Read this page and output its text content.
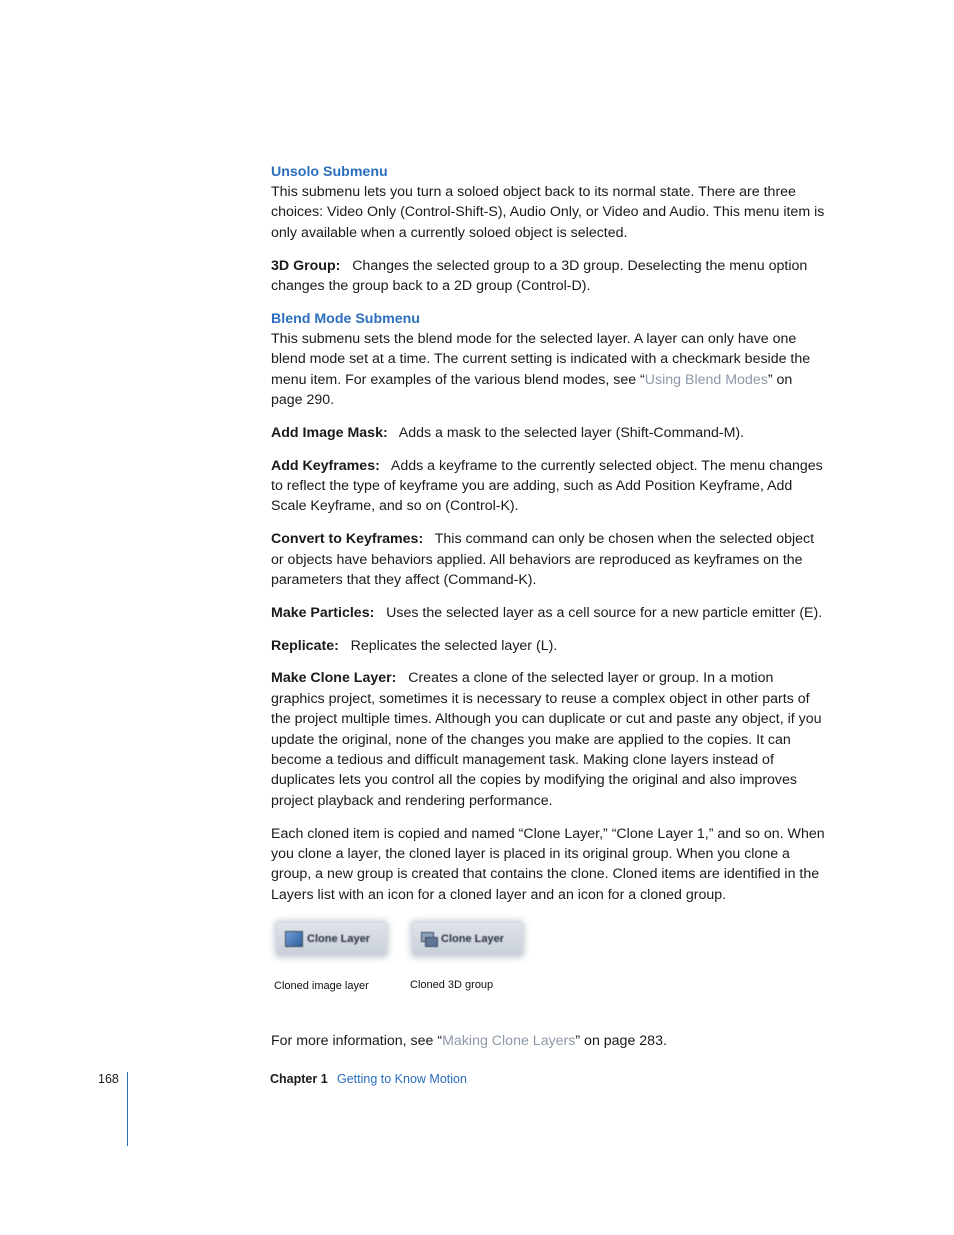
Unsolo Submenu

This submenu lets you turn a soloed object back to its normal state. There are three choices: Video Only (Control-Shift-S), Audio Only, or Video and Audio. This menu item is only available when a currently soloed object is selected.

3D Group: Changes the selected group to a 3D group. Deselecting the menu option changes the group back to a 2D group (Control-D).

Blend Mode Submenu

This submenu sets the blend mode for the selected layer. A layer can only have one blend mode set at a time. The current setting is indicated with a checkmark beside the menu item. For examples of the various blend modes, see “Using Blend Modes” on page 290.

Add Image Mask: Adds a mask to the selected layer (Shift-Command-M).

Add Keyframes: Adds a keyframe to the currently selected object. The menu changes to reflect the type of keyframe you are adding, such as Add Position Keyframe, Add Scale Keyframe, and so on (Control-K).

Convert to Keyframes: This command can only be chosen when the selected object or objects have behaviors applied. All behaviors are reproduced as keyframes on the parameters that they affect (Command-K).

Make Particles: Uses the selected layer as a cell source for a new particle emitter (E).

Replicate: Replicates the selected layer (L).

Make Clone Layer: Creates a clone of the selected layer or group. In a motion graphics project, sometimes it is necessary to reuse a complex object in other parts of the project multiple times. Although you can duplicate or cut and paste any object, if you update the original, none of the changes you make are applied to the copies. It can become a tedious and difficult management task. Making clone layers instead of duplicates lets you control all the copies by modifying the original and also improves project playback and rendering performance.

Each cloned item is copied and named “Clone Layer,” “Clone Layer 1,” and so on. When you clone a layer, the cloned layer is placed in its original group. When you clone a group, a new group is created that contains the clone. Cloned items are identified in the Layers list with an icon for a cloned layer and an icon for a cloned group.

Clone Layer
Cloned image layer
Clone Layer
Cloned 3D group

For more information, see “Making Clone Layers” on page 283.

168	Chapter 1 Getting to Know Motion
